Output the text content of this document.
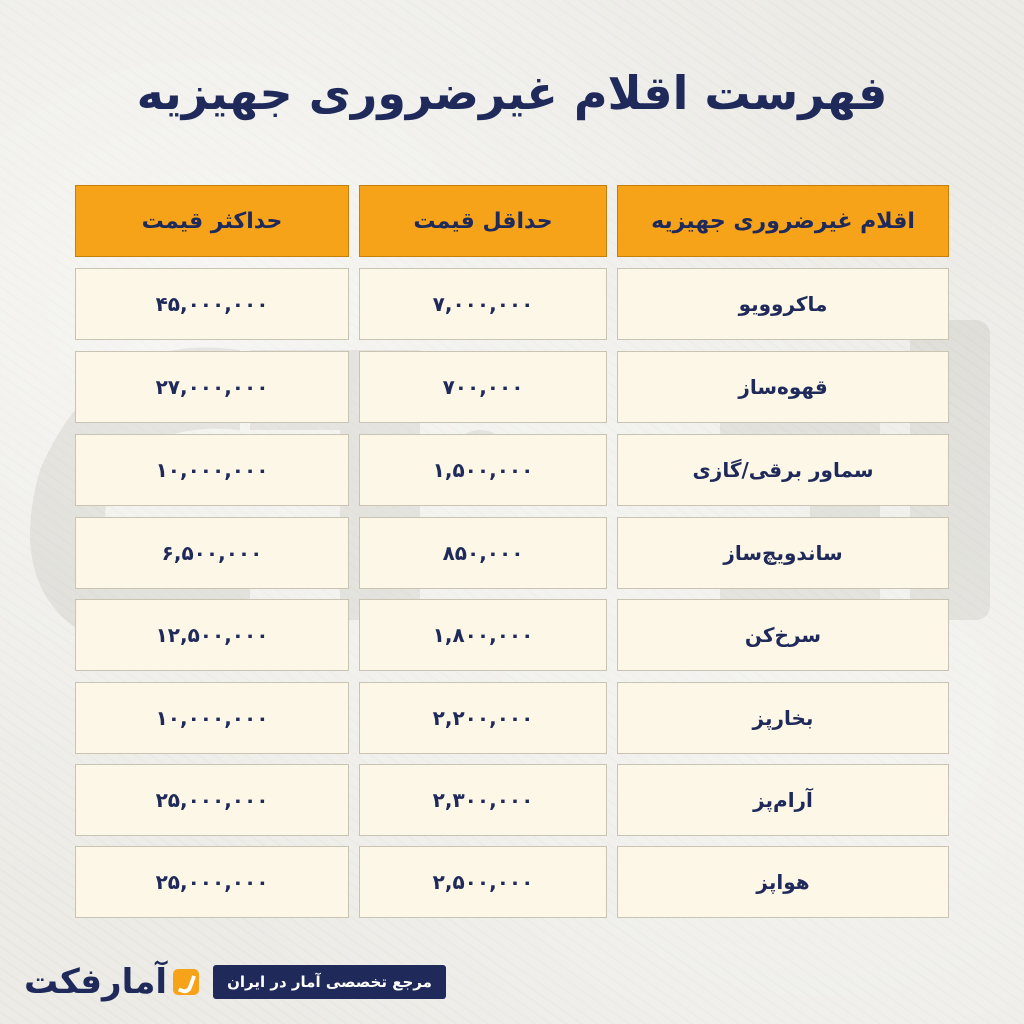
فهرست اقلام غیرضروری جهیزیه
اقلام غیرضروری جهیزیه
حداقل قیمت
حداکثر قیمت
ماکروویو
۷,۰۰۰,۰۰۰
۴۵,۰۰۰,۰۰۰
قهوه‌ساز
۷۰۰,۰۰۰
۲۷,۰۰۰,۰۰۰
سماور برقی/گازی
۱,۵۰۰,۰۰۰
۱۰,۰۰۰,۰۰۰
ساندویچ‌ساز
۸۵۰,۰۰۰
۶,۵۰۰,۰۰۰
سرخ‌کن
۱,۸۰۰,۰۰۰
۱۲,۵۰۰,۰۰۰
بخارپز
۲,۲۰۰,۰۰۰
۱۰,۰۰۰,۰۰۰
آرام‌پز
۲,۳۰۰,۰۰۰
۲۵,۰۰۰,۰۰۰
هواپز
۲,۵۰۰,۰۰۰
۲۵,۰۰۰,۰۰۰
آمارفکت	مرجع تخصصی آمار در ایران
